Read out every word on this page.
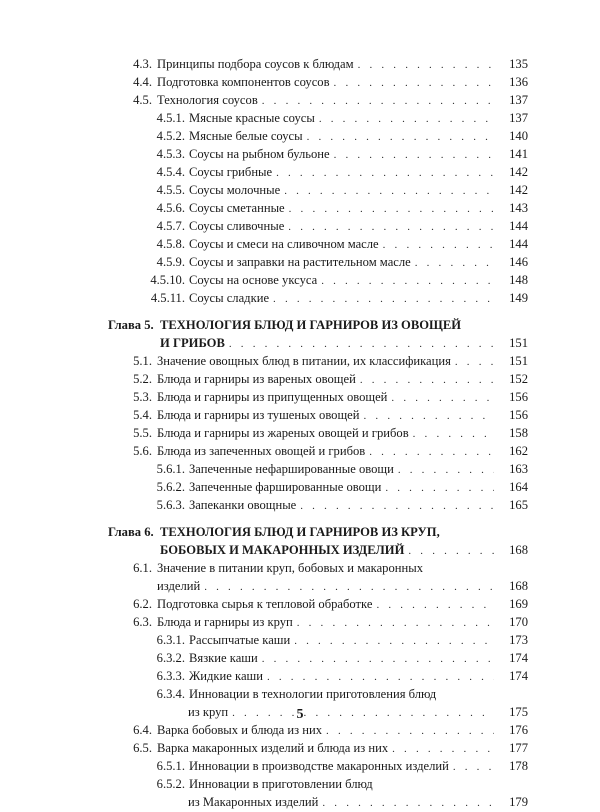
4.3. Принципы подбора соусов к блюдам . . .	135
4.4. Подготовка компонентов соусов . . .	136
4.5. Технология соусов . . .	137
4.5.1. Мясные красные соусы . . .	137
4.5.2. Мясные белые соусы . . .	140
4.5.3. Соусы на рыбном бульоне . . .	141
4.5.4. Соусы грибные . . .	142
4.5.5. Соусы молочные . . .	142
4.5.6. Соусы сметанные . . .	143
4.5.7. Соусы сливочные . . .	144
4.5.8. Соусы и смеси на сливочном масле . . .	144
4.5.9. Соусы и заправки на растительном масле . . .	146
4.5.10. Соусы на основе уксуса . . .	148
4.5.11. Соусы сладкие . . .	149
Глава 5. ТЕХНОЛОГИЯ БЛЮД И ГАРНИРОВ ИЗ ОВОЩЕЙ
И ГРИБОВ . . .	151
5.1. Значение овощных блюд в питании, их классификация . . .	151
5.2. Блюда и гарниры из вареных овощей . . .	152
5.3. Блюда и гарниры из припущенных овощей . . .	156
5.4. Блюда и гарниры из тушеных овощей . . .	156
5.5. Блюда и гарниры из жареных овощей и грибов . . .	158
5.6. Блюда из запеченных овощей и грибов . . .	162
5.6.1. Запеченные нефаршированные овощи . . .	163
5.6.2. Запеченные фаршированные овощи . . .	164
5.6.3. Запеканки овощные . . .	165
Глава 6. ТЕХНОЛОГИЯ БЛЮД И ГАРНИРОВ ИЗ КРУП,
БОБОВЫХ И МАКАРОННЫХ ИЗДЕЛИЙ . . .	168
6.1. Значение в питании круп, бобовых и макаронных
изделий . . .	168
6.2. Подготовка сырья к тепловой обработке . . .	169
6.3. Блюда и гарниры из круп . . .	170
6.3.1. Рассыпчатые каши . . .	173
6.3.2. Вязкие каши . . .	174
6.3.3. Жидкие каши . . .	174
6.3.4. Инновации в технологии приготовления блюд
из круп . . .	175
6.4. Варка бобовых и блюда из них . . .	176
6.5. Варка макаронных изделий и блюда из них . . .	177
6.5.1. Инновации в производстве макаронных изделий . . .	178
6.5.2. Инновации в приготовлении блюд
из Макаронных изделий . . .	179
5
